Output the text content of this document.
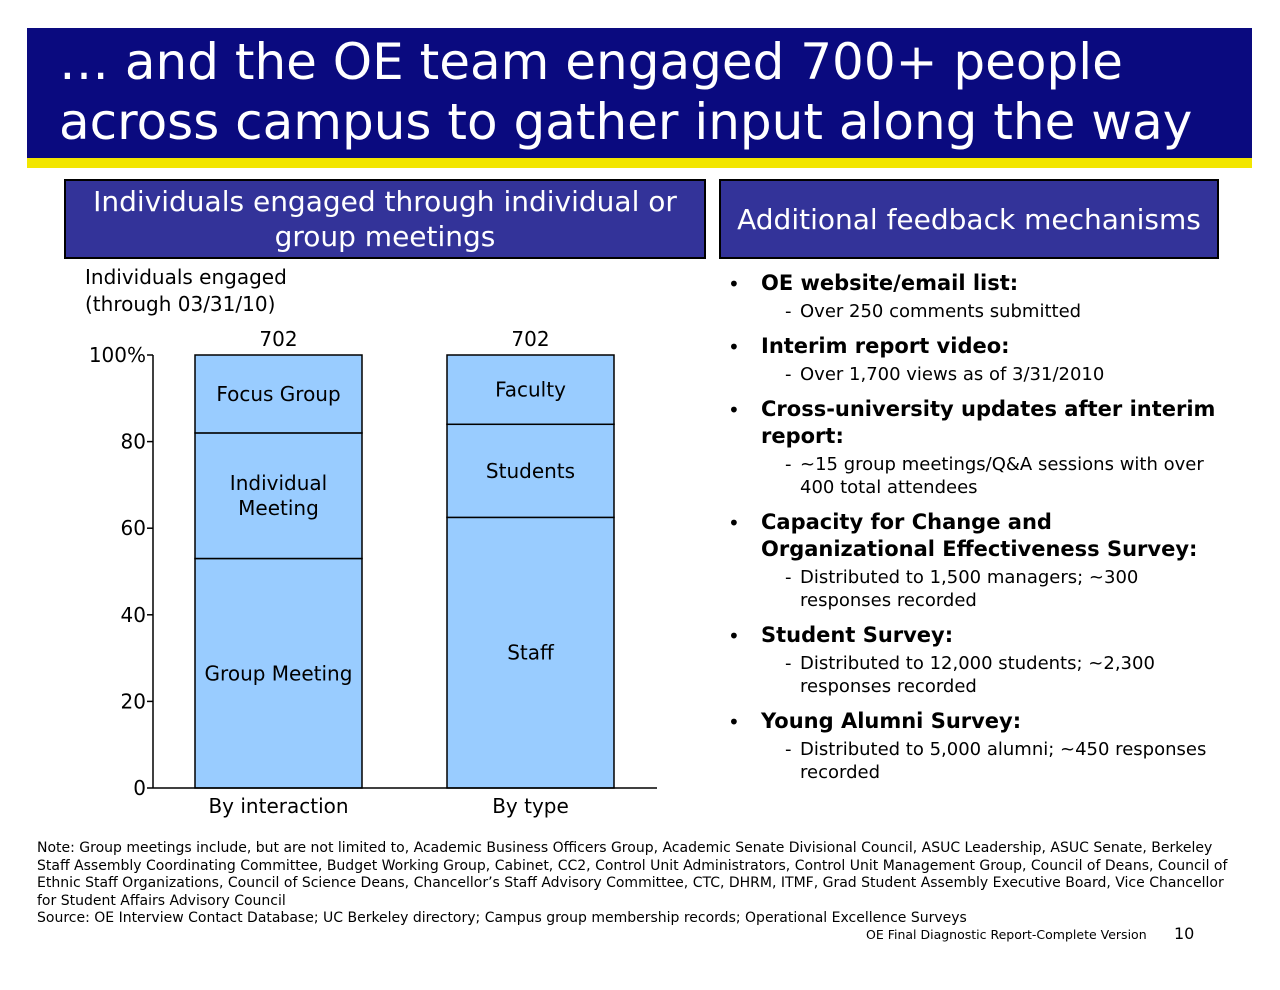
… and the OE team engaged 700+ people
across campus to gather input along the way
Individuals engaged through individual or group meetings
Additional feedback mechanisms
Individuals engaged
(through 03/31/10)
0
20
40
60
80
100%
Group Meeting
Individual Meeting
Focus Group
702
By interaction
Staff
Students
Faculty
702
By type
• OE website/email list:
- Over 250 comments submitted
• Interim report video:
- Over 1,700 views as of 3/31/2010
• Cross-university updates after interim report:
- ~15 group meetings/Q&A sessions with over 400 total attendees
• Capacity for Change and Organizational Effectiveness Survey:
- Distributed to 1,500 managers; ~300 responses recorded
• Student Survey:
- Distributed to 12,000 students; ~2,300 responses recorded
• Young Alumni Survey:
- Distributed to 5,000 alumni; ~450 responses recorded
Note: Group meetings include, but are not limited to, Academic Business Officers Group, Academic Senate Divisional Council, ASUC Leadership, ASUC Senate, Berkeley Staff Assembly Coordinating Committee, Budget Working Group, Cabinet, CC2, Control Unit Administrators, Control Unit Management Group, Council of Deans, Council of Ethnic Staff Organizations, Council of Science Deans, Chancellor’s Staff Advisory Committee, CTC, DHRM, ITMF, Grad Student Assembly Executive Board, Vice Chancellor for Student Affairs Advisory Council
Source: OE Interview Contact Database; UC Berkeley directory; Campus group membership records; Operational Excellence Surveys
OE Final Diagnostic Report-Complete Version 10
